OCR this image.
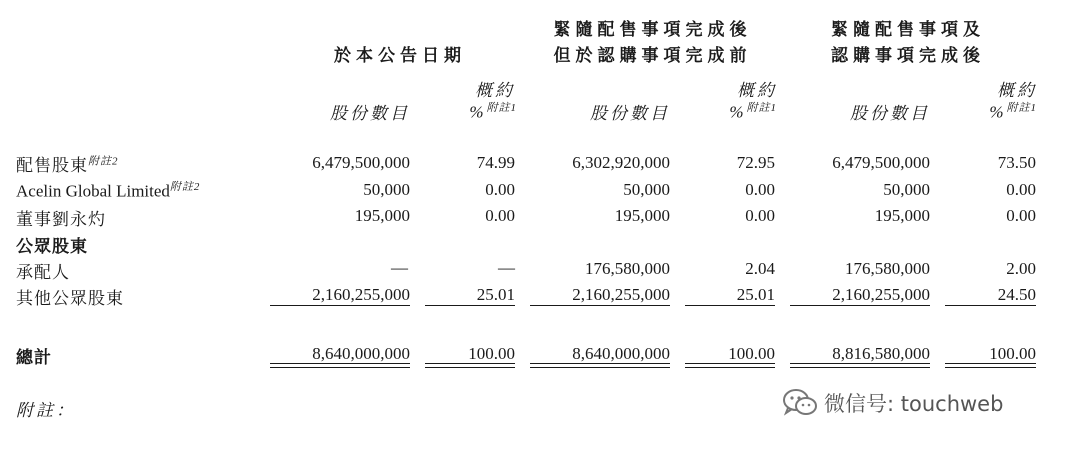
於本公告日期
緊隨配售事項完成後
但於認購事項完成前
緊隨配售事項及
認購事項完成後
概約	概約	概約
股份數目	%$^{附註1}$	股份數目	%$^{附註1}$	股份數目	%$^{附註1}$
配售股東$^{附註2}$	6,479,500,000	74.99	6,302,920,000	72.95	6,479,500,000	73.50
Acelin Global Limited$^{附註2}$	50,000	0.00	50,000	0.00	50,000	0.00
董事劉永灼	195,000	0.00	195,000	0.00	195,000	0.00
公眾股東
承配人	—	—	176,580,000	2.04	176,580,000	2.00
其他公眾股東	2,160,255,000	25.01	2,160,255,000	25.01	2,160,255,000	24.50
總計	8,640,000,000	100.00	8,640,000,000	100.00	8,816,580,000	100.00
附註：	微信号: touchweb
